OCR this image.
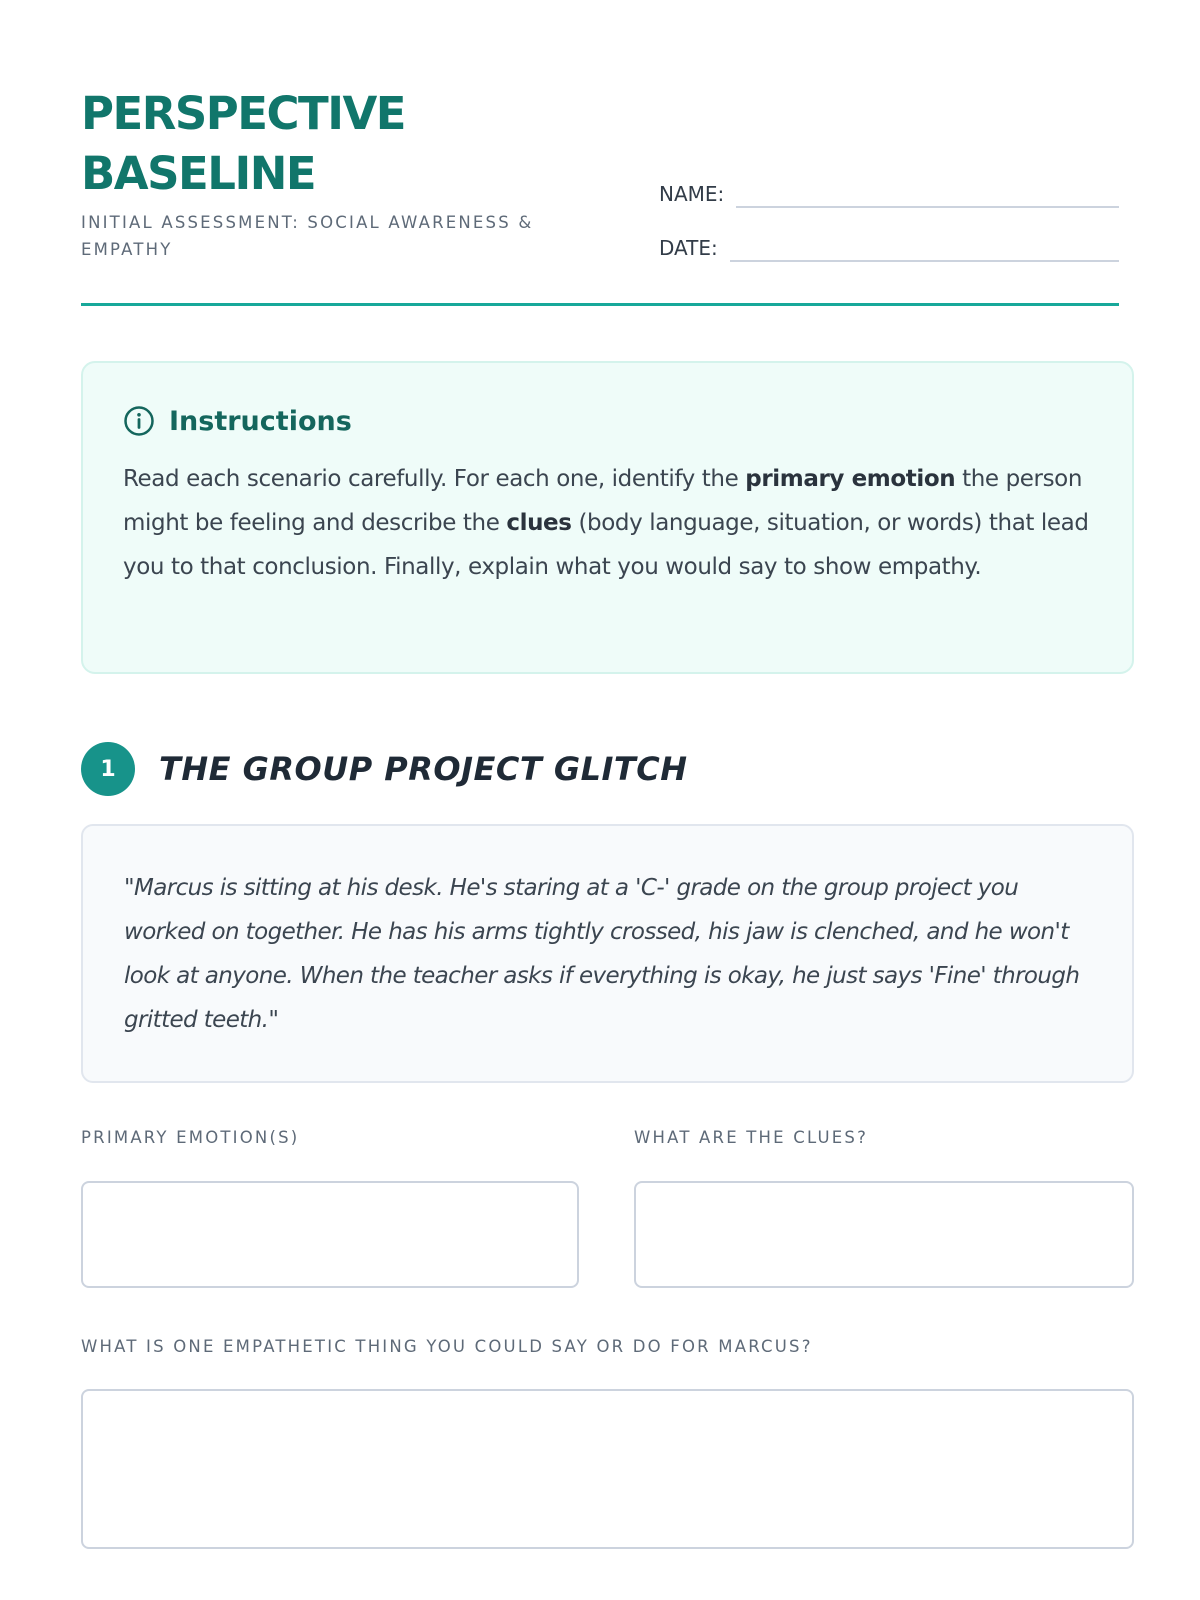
PERSPECTIVE
BASELINE
INITIAL ASSESSMENT: SOCIAL AWARENESS & EMPATHY
NAME:
DATE:
Instructions
Read each scenario carefully. For each one, identify the primary emotion the person might be feeling and describe the clues (body language, situation, or words) that lead you to that conclusion. Finally, explain what you would say to show empathy.
1	THE GROUP PROJECT GLITCH
"Marcus is sitting at his desk. He's staring at a 'C-' grade on the group project you worked on together. He has his arms tightly crossed, his jaw is clenched, and he won't look at anyone. When the teacher asks if everything is okay, he just says 'Fine' through gritted teeth."
PRIMARY EMOTION(S)	WHAT ARE THE CLUES?
WHAT IS ONE EMPATHETIC THING YOU COULD SAY OR DO FOR MARCUS?
